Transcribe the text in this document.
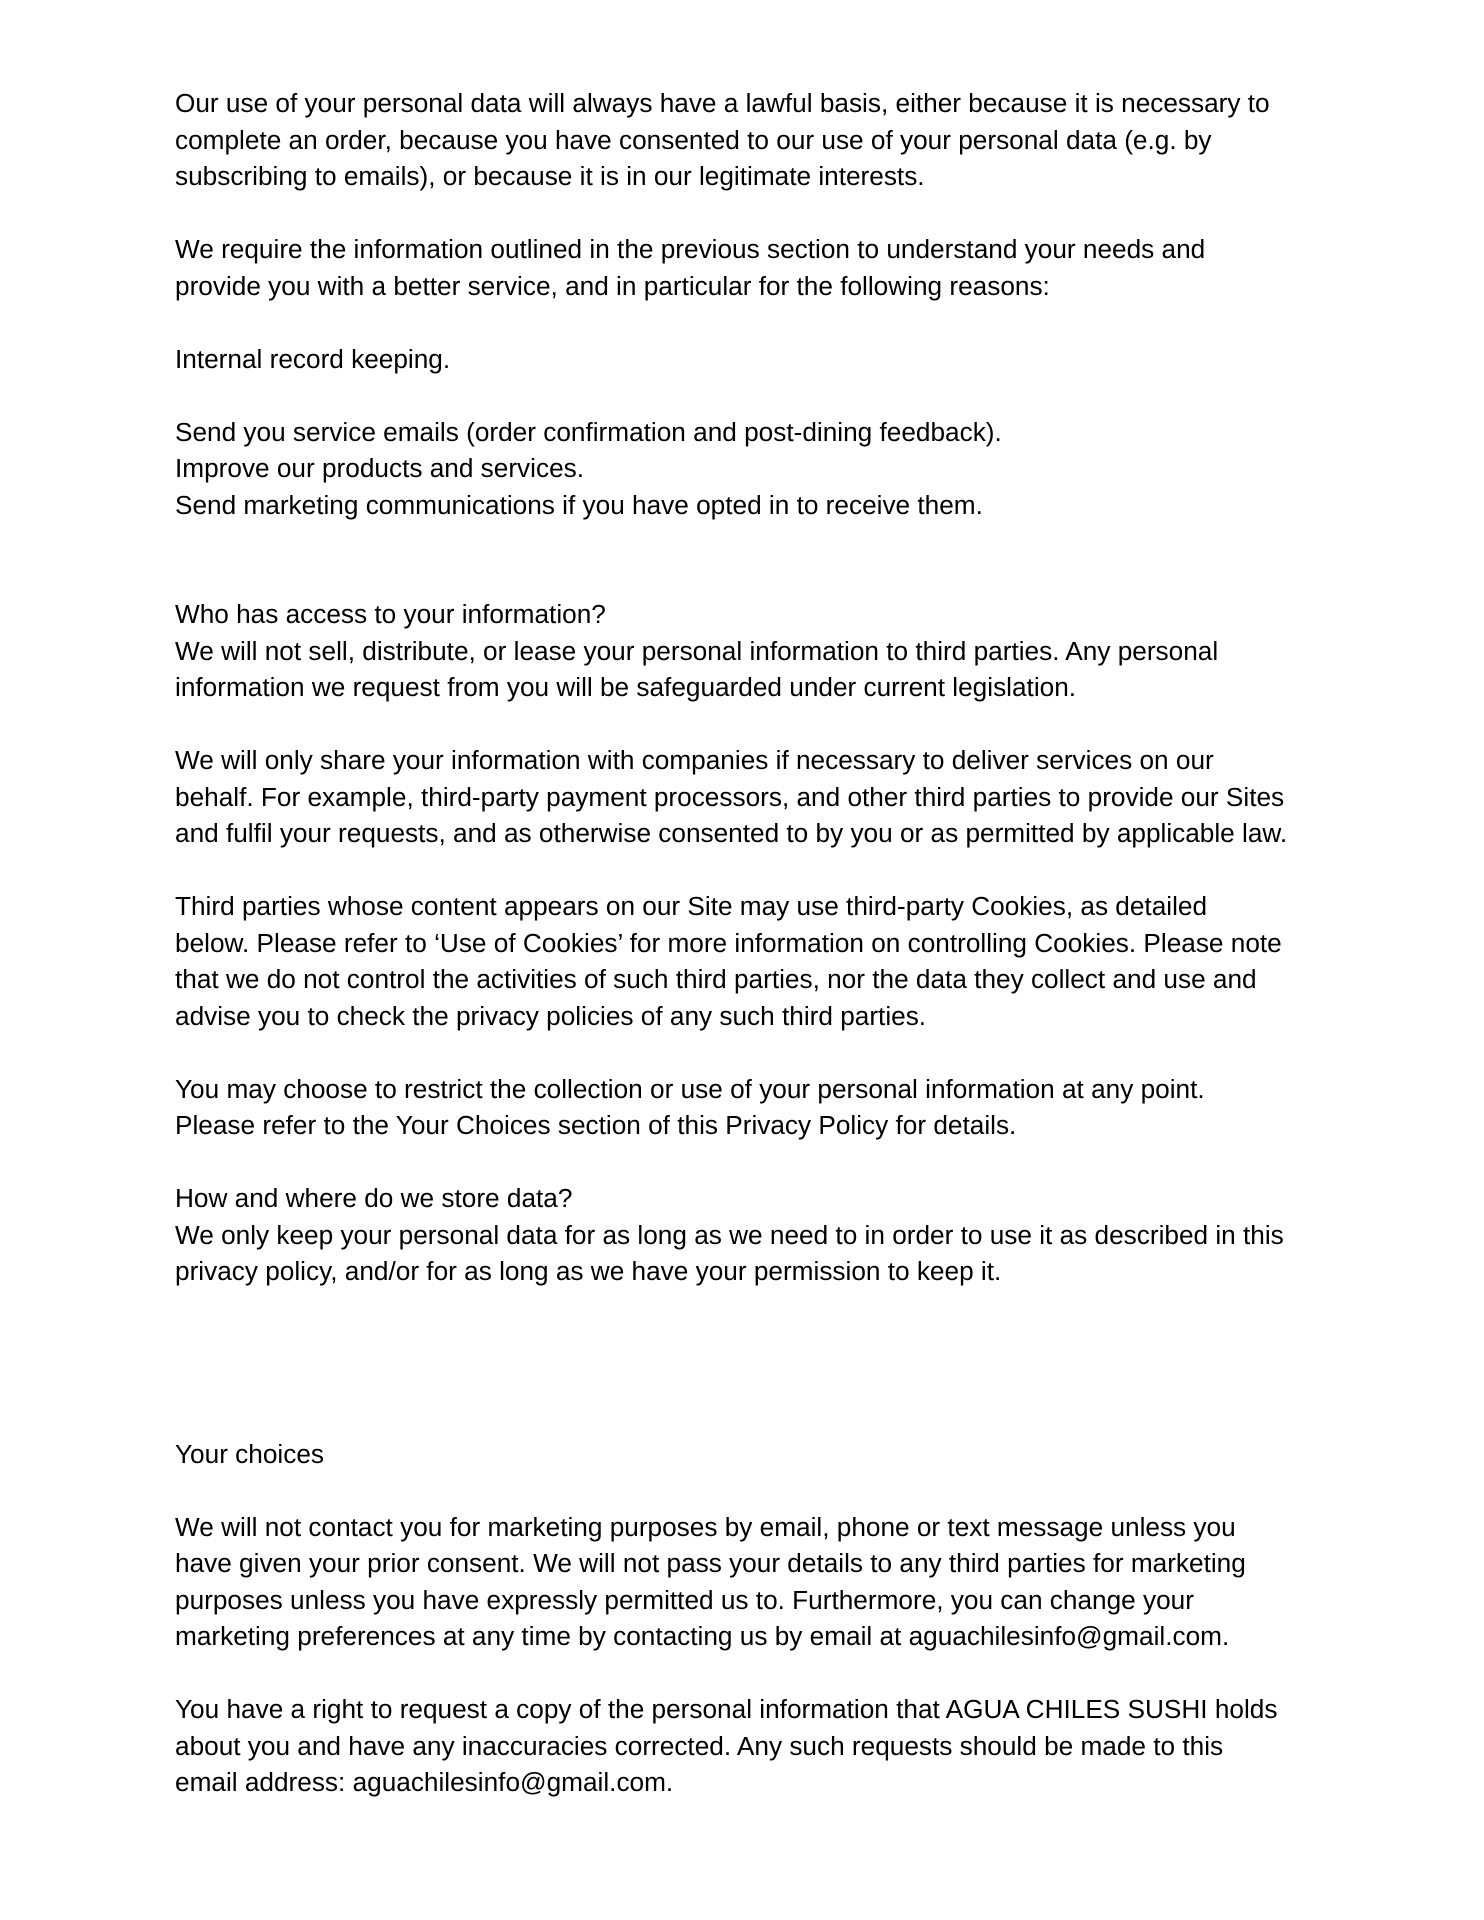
Our use of your personal data will always have a lawful basis, either because it is necessary to
complete an order, because you have consented to our use of your personal data (e.g. by
subscribing to emails), or because it is in our legitimate interests.

We require the information outlined in the previous section to understand your needs and
provide you with a better service, and in particular for the following reasons:

Internal record keeping.
Send you service emails (order confirmation and post-dining feedback).
Improve our products and services.
Send marketing communications if you have opted in to receive them.
Who has access to your information?

We will not sell, distribute, or lease your personal information to third parties. Any personal
information we request from you will be safeguarded under current legislation.

We will only share your information with companies if necessary to deliver services on our
behalf. For example, third-party payment processors, and other third parties to provide our Sites
and fulfil your requests, and as otherwise consented to by you or as permitted by applicable law.

Third parties whose content appears on our Site may use third-party Cookies, as detailed
below. Please refer to ‘Use of Cookies’ for more information on controlling Cookies. Please note
that we do not control the activities of such third parties, nor the data they collect and use and
advise you to check the privacy policies of any such third parties.

You may choose to restrict the collection or use of your personal information at any point.
Please refer to the Your Choices section of this Privacy Policy for details.

How and where do we store data?

We only keep your personal data for as long as we need to in order to use it as described in this
privacy policy, and/or for as long as we have your permission to keep it.

Your choices

We will not contact you for marketing purposes by email, phone or text message unless you
have given your prior consent. We will not pass your details to any third parties for marketing
purposes unless you have expressly permitted us to. Furthermore, you can change your
marketing preferences at any time by contacting us by email at aguachilesinfo@gmail.com.

You have a right to request a copy of the personal information that AGUA CHILES SUSHI holds
about you and have any inaccuracies corrected. Any such requests should be made to this
email address: aguachilesinfo@gmail.com.
